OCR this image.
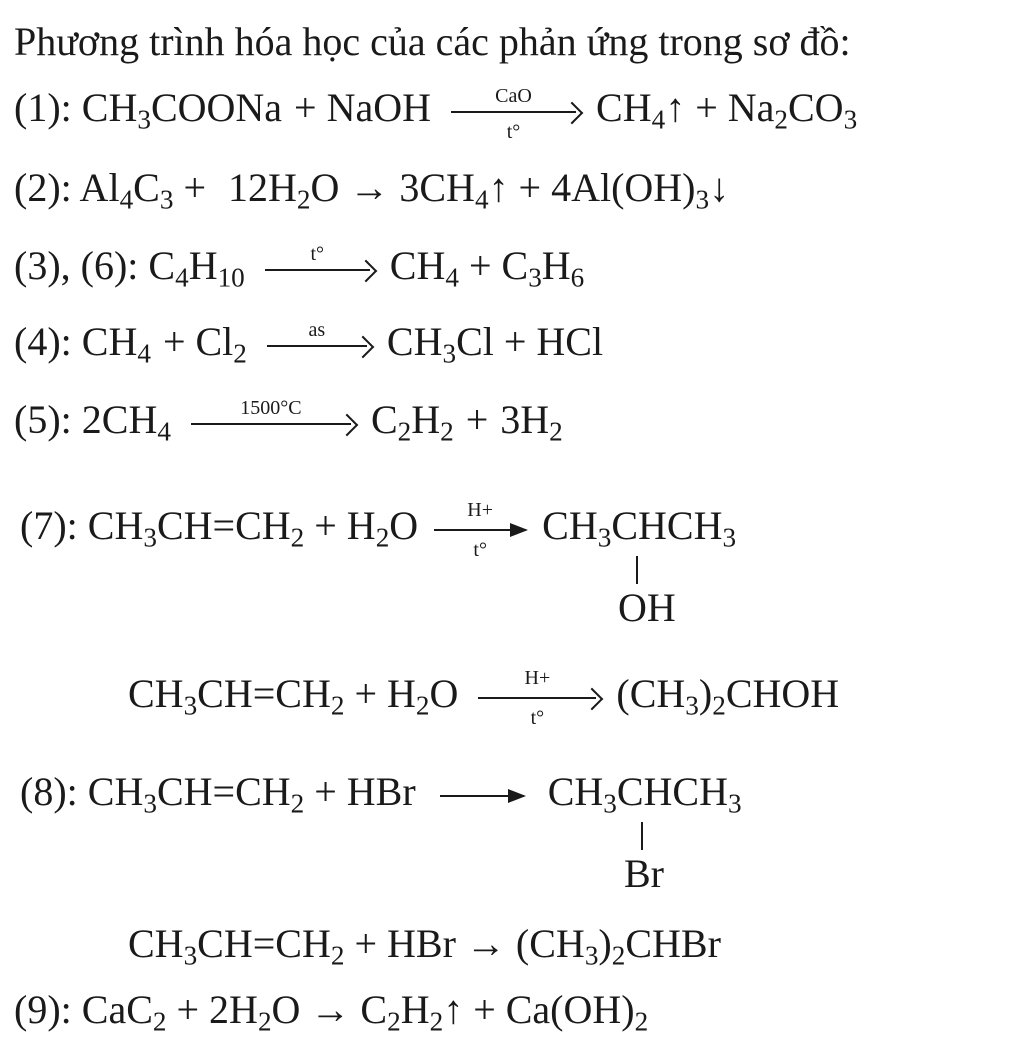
Phương trình hóa học của các phản ứng trong sơ đồ:
(1): $CH_3COONa$ + NaOH	CaO
t°
$CH_4↑ + Na_2CO_3$
(2): $Al_4C_3 + 12H_2O$ → $3CH_4↑$ + $4Al(OH)_3↓$
(3), (6): $C_4H_{10}$
t°	$CH_4 + C_3H_6$
(4): $CH_4 + Cl_2$
as	$CH_3Cl$ + HCl
(5): $2CH_4$
1500°C	$C_2H_2 + 3H_2$
(7): $CH_3CH=CH_2 + H_2O \frac{H+}{t^\circ}$ $CH_3CHCH_3$
OH
$CH_3CH=CH_2 + H_2O \frac{H+}{t^\circ}$ $(CH_3)_2CHOH$
(8): $CH_3CH=CH_2$ + HBr	$CH_3CHCH_3$
Br
$CH_3CH=CH_2$ + HBr → $(CH_3)_2CHBr$
(9): $CaC_2 + 2H_2O$ → $C_2H_2↑ + Ca(OH)_2$
